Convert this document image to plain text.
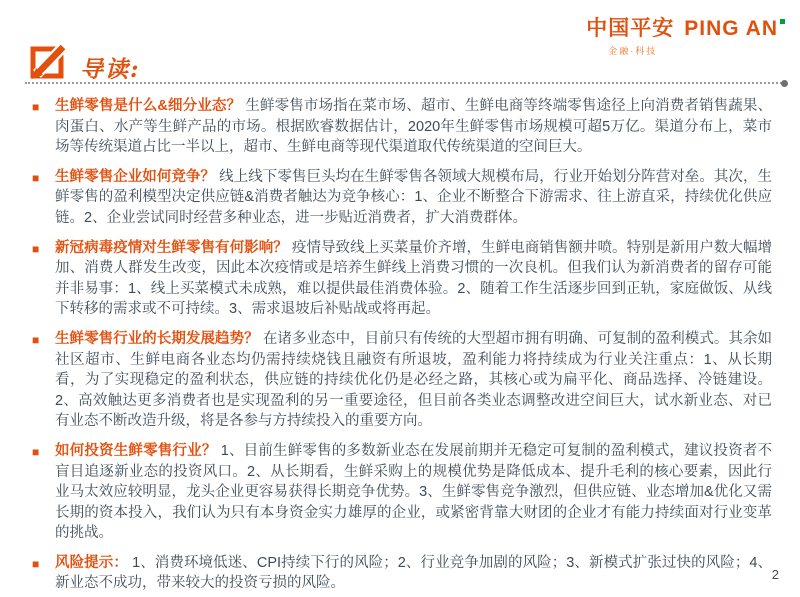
中国平安 PING AN
金融·科技
导读:
■ 生鲜零售是什么&细分业态？ 生鲜零售市场指在菜市场、超市、生鲜电商等终端零售途径上向消费者销售蔬果、肉蛋白、水产等生鲜产品的市场。根据欧睿数据估计，2020年生鲜零售市场规模可超5万亿。渠道分布上，菜市场等传统渠道占比一半以上，超市、生鲜电商等现代渠道取代传统渠道的空间巨大。
■ 生鲜零售企业如何竞争？ 线上线下零售巨头均在生鲜零售各领域大规模布局，行业开始划分阵营对垒。其次，生鲜零售的盈利模型决定供应链&消费者触达为竞争核心：1、企业不断整合下游需求、往上游直采，持续优化供应链。2、企业尝试同时经营多种业态，进一步贴近消费者，扩大消费群体。
■ 新冠病毒疫情对生鲜零售有何影响？ 疫情导致线上买菜量价齐增，生鲜电商销售额井喷。特别是新用户数大幅增加、消费人群发生改变，因此本次疫情或是培养生鲜线上消费习惯的一次良机。但我们认为新消费者的留存可能并非易事：1、线上买菜模式未成熟，难以提供最佳消费体验。2、随着工作生活逐步回到正轨，家庭做饭、从线下转移的需求或不可持续。3、需求退坡后补贴战或将再起。
■ 生鲜零售行业的长期发展趋势？ 在诸多业态中，目前只有传统的大型超市拥有明确、可复制的盈利模式。其余如社区超市、生鲜电商各业态均仍需持续烧钱且融资有所退坡，盈利能力将持续成为行业关注重点：1、从长期看，为了实现稳定的盈利状态，供应链的持续优化仍是必经之路，其核心或为扁平化、商品选择、冷链建设。2、高效触达更多消费者也是实现盈利的另一重要途径，但目前各类业态调整改进空间巨大，试水新业态、对已有业态不断改造升级，将是各参与方持续投入的重要方向。
■ 如何投资生鲜零售行业？ 1、目前生鲜零售的多数新业态在发展前期并无稳定可复制的盈利模式，建议投资者不盲目追逐新业态的投资风口。2、从长期看，生鲜采购上的规模优势是降低成本、提升毛利的核心要素，因此行业马太效应较明显，龙头企业更容易获得长期竞争优势。3、生鲜零售竞争激烈，但供应链、业态增加&优化又需长期的资本投入，我们认为只有本身资金实力雄厚的企业，或紧密背靠大财团的企业才有能力持续面对行业变革的挑战。
■ 风险提示： 1、消费环境低迷、CPI持续下行的风险；2、行业竞争加剧的风险；3、新模式扩张过快的风险；4、新业态不成功，带来较大的投资亏损的风险。
2
